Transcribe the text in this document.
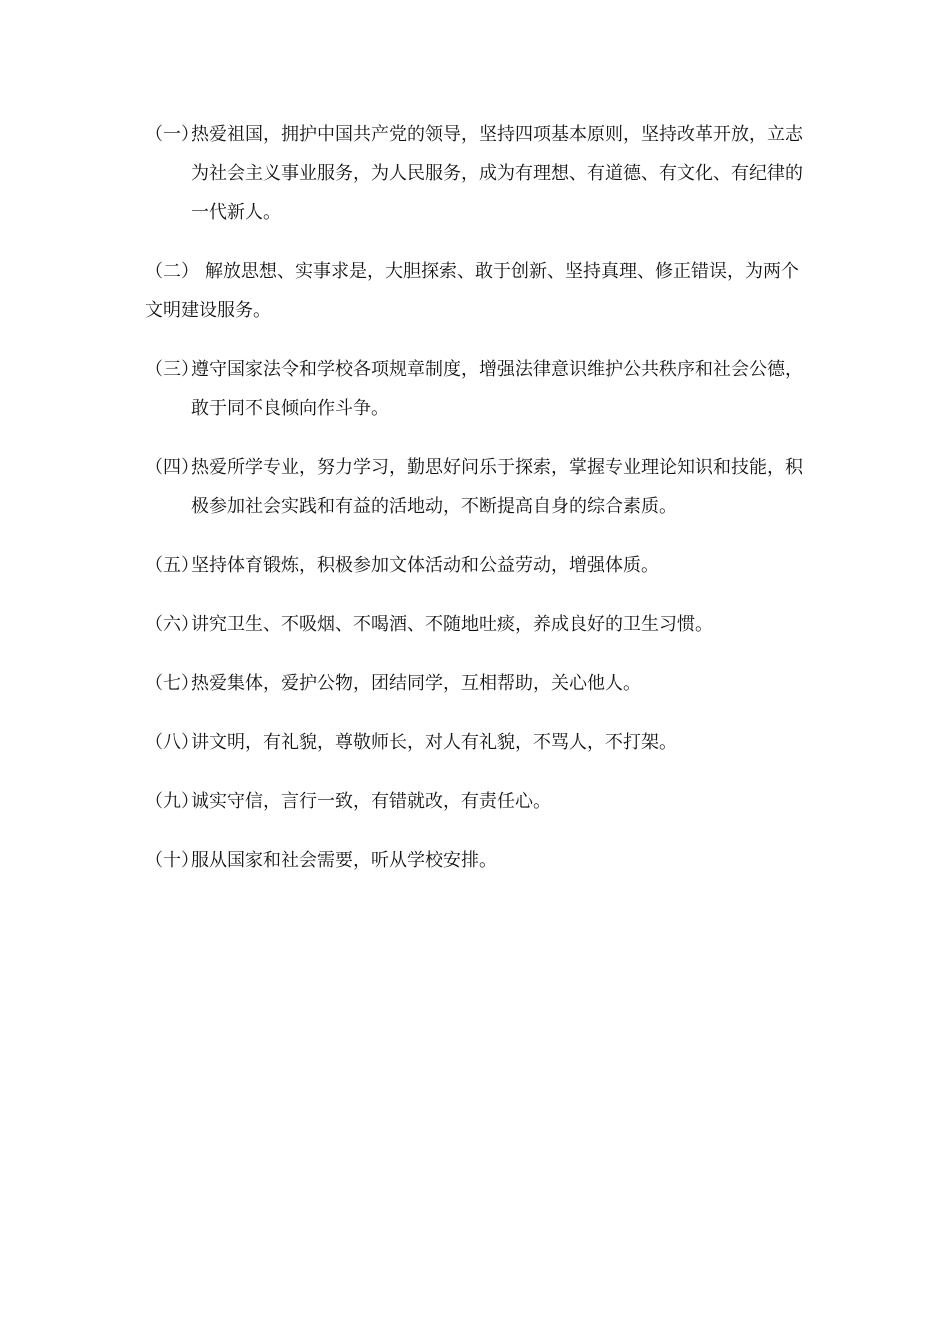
（一）
热爱祖国，拥护中国共产党的领导，坚持四项基本原则，坚持改革开放，立志为社会主义事业服务，为人民服务，成为有理想、有道德、有文化、有纪律的一代新人。
（二） 解放思想、实事求是，大胆探索、敢于创新、坚持真理、修正错误，为两个文明建设服务。
（三）
遵守国家法令和学校各项规章制度，增强法律意识维护公共秩序和社会公德，敢于同不良倾向作斗争。
（四）
热爱所学专业，努力学习，勤思好问乐于探索，掌握专业理论知识和技能，积极参加社会实践和有益的活地动，不断提高自身的综合素质。
（五）
坚持体育锻炼，积极参加文体活动和公益劳动，增强体质。
（六）
讲究卫生、不吸烟、不喝酒、不随地吐痰，养成良好的卫生习惯。
（七）
热爱集体，爱护公物，团结同学，互相帮助，关心他人。
（八）
讲文明，有礼貌，尊敬师长，对人有礼貌，不骂人，不打架。
（九）
诚实守信，言行一致，有错就改，有责任心。
（十）
服从国家和社会需要，听从学校安排。
